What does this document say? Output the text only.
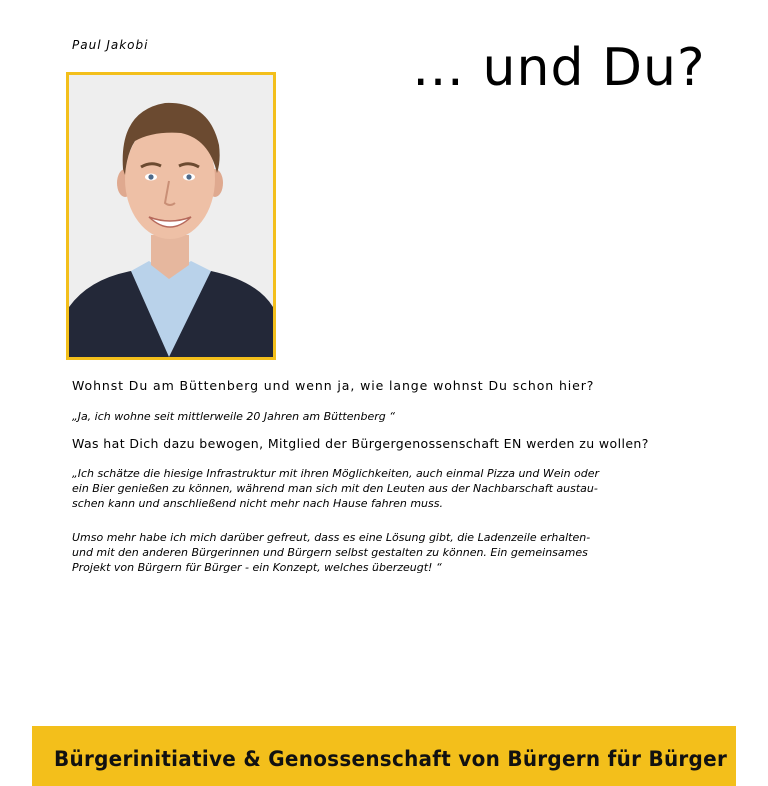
Paul Jakobi	… und Du?
Wohnst Du am Büttenberg und wenn ja, wie lange wohnst Du schon hier?
„Ja, ich wohne seit mittlerweile 20 Jahren am Büttenberg “
Was hat Dich dazu bewogen, Mitglied der Bürgergenossenschaft EN werden zu wollen?
„Ich schätze die hiesige Infrastruktur mit ihren Möglichkeiten, auch einmal Pizza und Wein oder
ein Bier genießen zu können, während man sich mit den Leuten aus der Nachbarschaft austau-
schen kann und anschließend nicht mehr nach Hause fahren muss.
Umso mehr habe ich mich darüber gefreut, dass es eine Lösung gibt, die Ladenzeile erhalten-
und mit den anderen Bürgerinnen und Bürgern selbst gestalten zu können. Ein gemeinsames
Projekt von Bürgern für Bürger - ein Konzept, welches überzeugt! “
Bürgerinitiative & Genossenschaft von Bürgern für Bürger
